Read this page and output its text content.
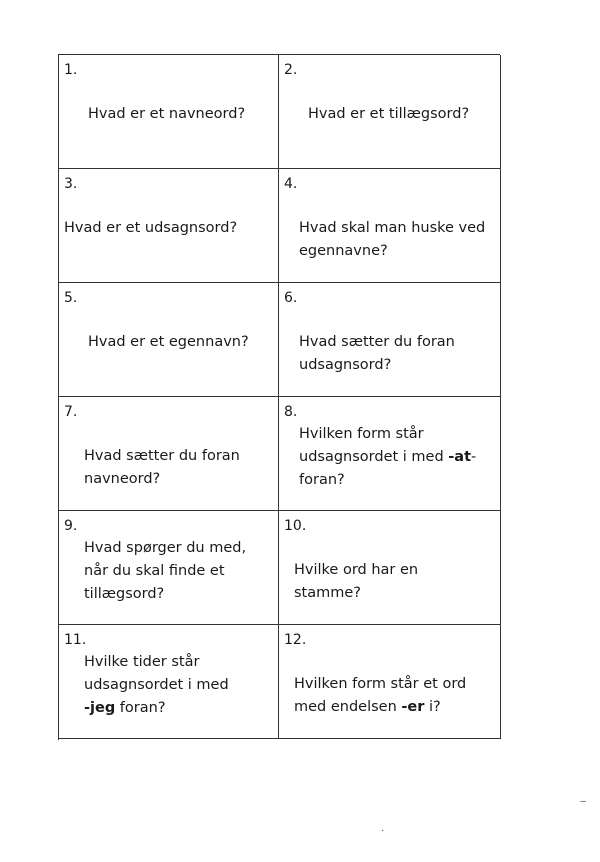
1.
Hvad er et navneord?
2.
Hvad er et tillægsord?
3.
Hvad er et udsagnsord?
4.
Hvad skal man huske ved
egennavne?
5.
Hvad er et egennavn?
6.
Hvad sætter du foran
udsagnsord?
7.
Hvad sætter du foran
navneord?
8.
Hvilken form står
udsagnsordet i med -at-
foran?
9.
Hvad spørger du med,
når du skal finde et
tillægsord?
10.
Hvilke ord har en
stamme?
11.
Hvilke tider står
udsagnsordet i med
-jeg foran?
12.
Hvilken form står et ord
med endelsen -er i?
‒
·
